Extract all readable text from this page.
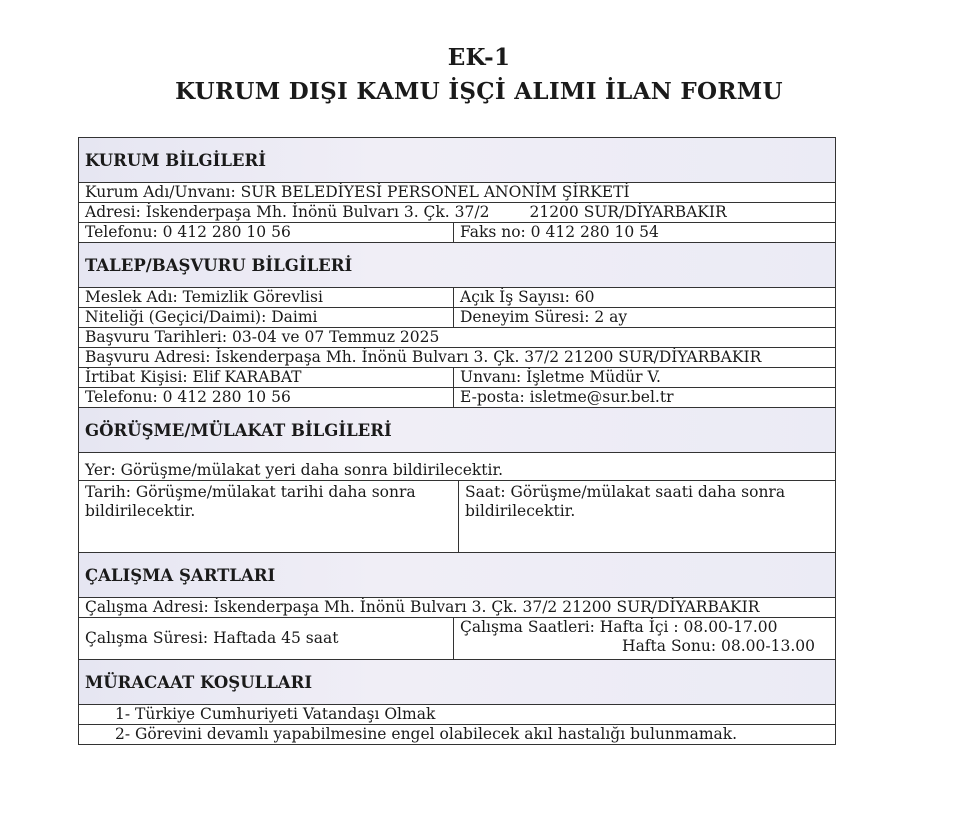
EK-1
KURUM DIŞI KAMU İŞÇİ ALIMI İLAN FORMU
KURUM BİLGİLERİ
Kurum Adı/Unvanı: SUR BELEDİYESİ PERSONEL ANONİM ŞİRKETİ
Adresi: İskenderpaşa Mh. İnönü Bulvarı 3. Çk. 37/2	21200 SUR/DİYARBAKIR
Telefonu: 0 412 280 10 56	Faks no: 0 412 280 10 54
TALEP/BAŞVURU BİLGİLERİ
Meslek Adı: Temizlik Görevlisi	Açık İş Sayısı: 60
Niteliği (Geçici/Daimi): Daimi	Deneyim Süresi: 2 ay
Başvuru Tarihleri: 03-04 ve 07 Temmuz 2025
Başvuru Adresi: İskenderpaşa Mh. İnönü Bulvarı 3. Çk. 37/2 21200 SUR/DİYARBAKIR
İrtibat Kişisi: Elif KARABAT	Unvanı: İşletme Müdür V.
Telefonu: 0 412 280 10 56	E-posta: isletme@sur.bel.tr
GÖRÜŞME/MÜLAKAT BİLGİLERİ
Yer: Görüşme/mülakat yeri daha sonra bildirilecektir.
Tarih: Görüşme/mülakat tarihi daha sonra bildirilecektir.
Saat: Görüşme/mülakat saati daha sonra bildirilecektir.
ÇALIŞMA ŞARTLARI
Çalışma Adresi: İskenderpaşa Mh. İnönü Bulvarı 3. Çk. 37/2 21200 SUR/DİYARBAKIR
Çalışma Süresi: Haftada 45 saat
Çalışma Saatleri: Hafta İçi : 08.00-17.00
Hafta Sonu: 08.00-13.00
MÜRACAAT KOŞULLARI
1- Türkiye Cumhuriyeti Vatandaşı Olmak
2- Görevini devamlı yapabilmesine engel olabilecek akıl hastalığı bulunmamak.
